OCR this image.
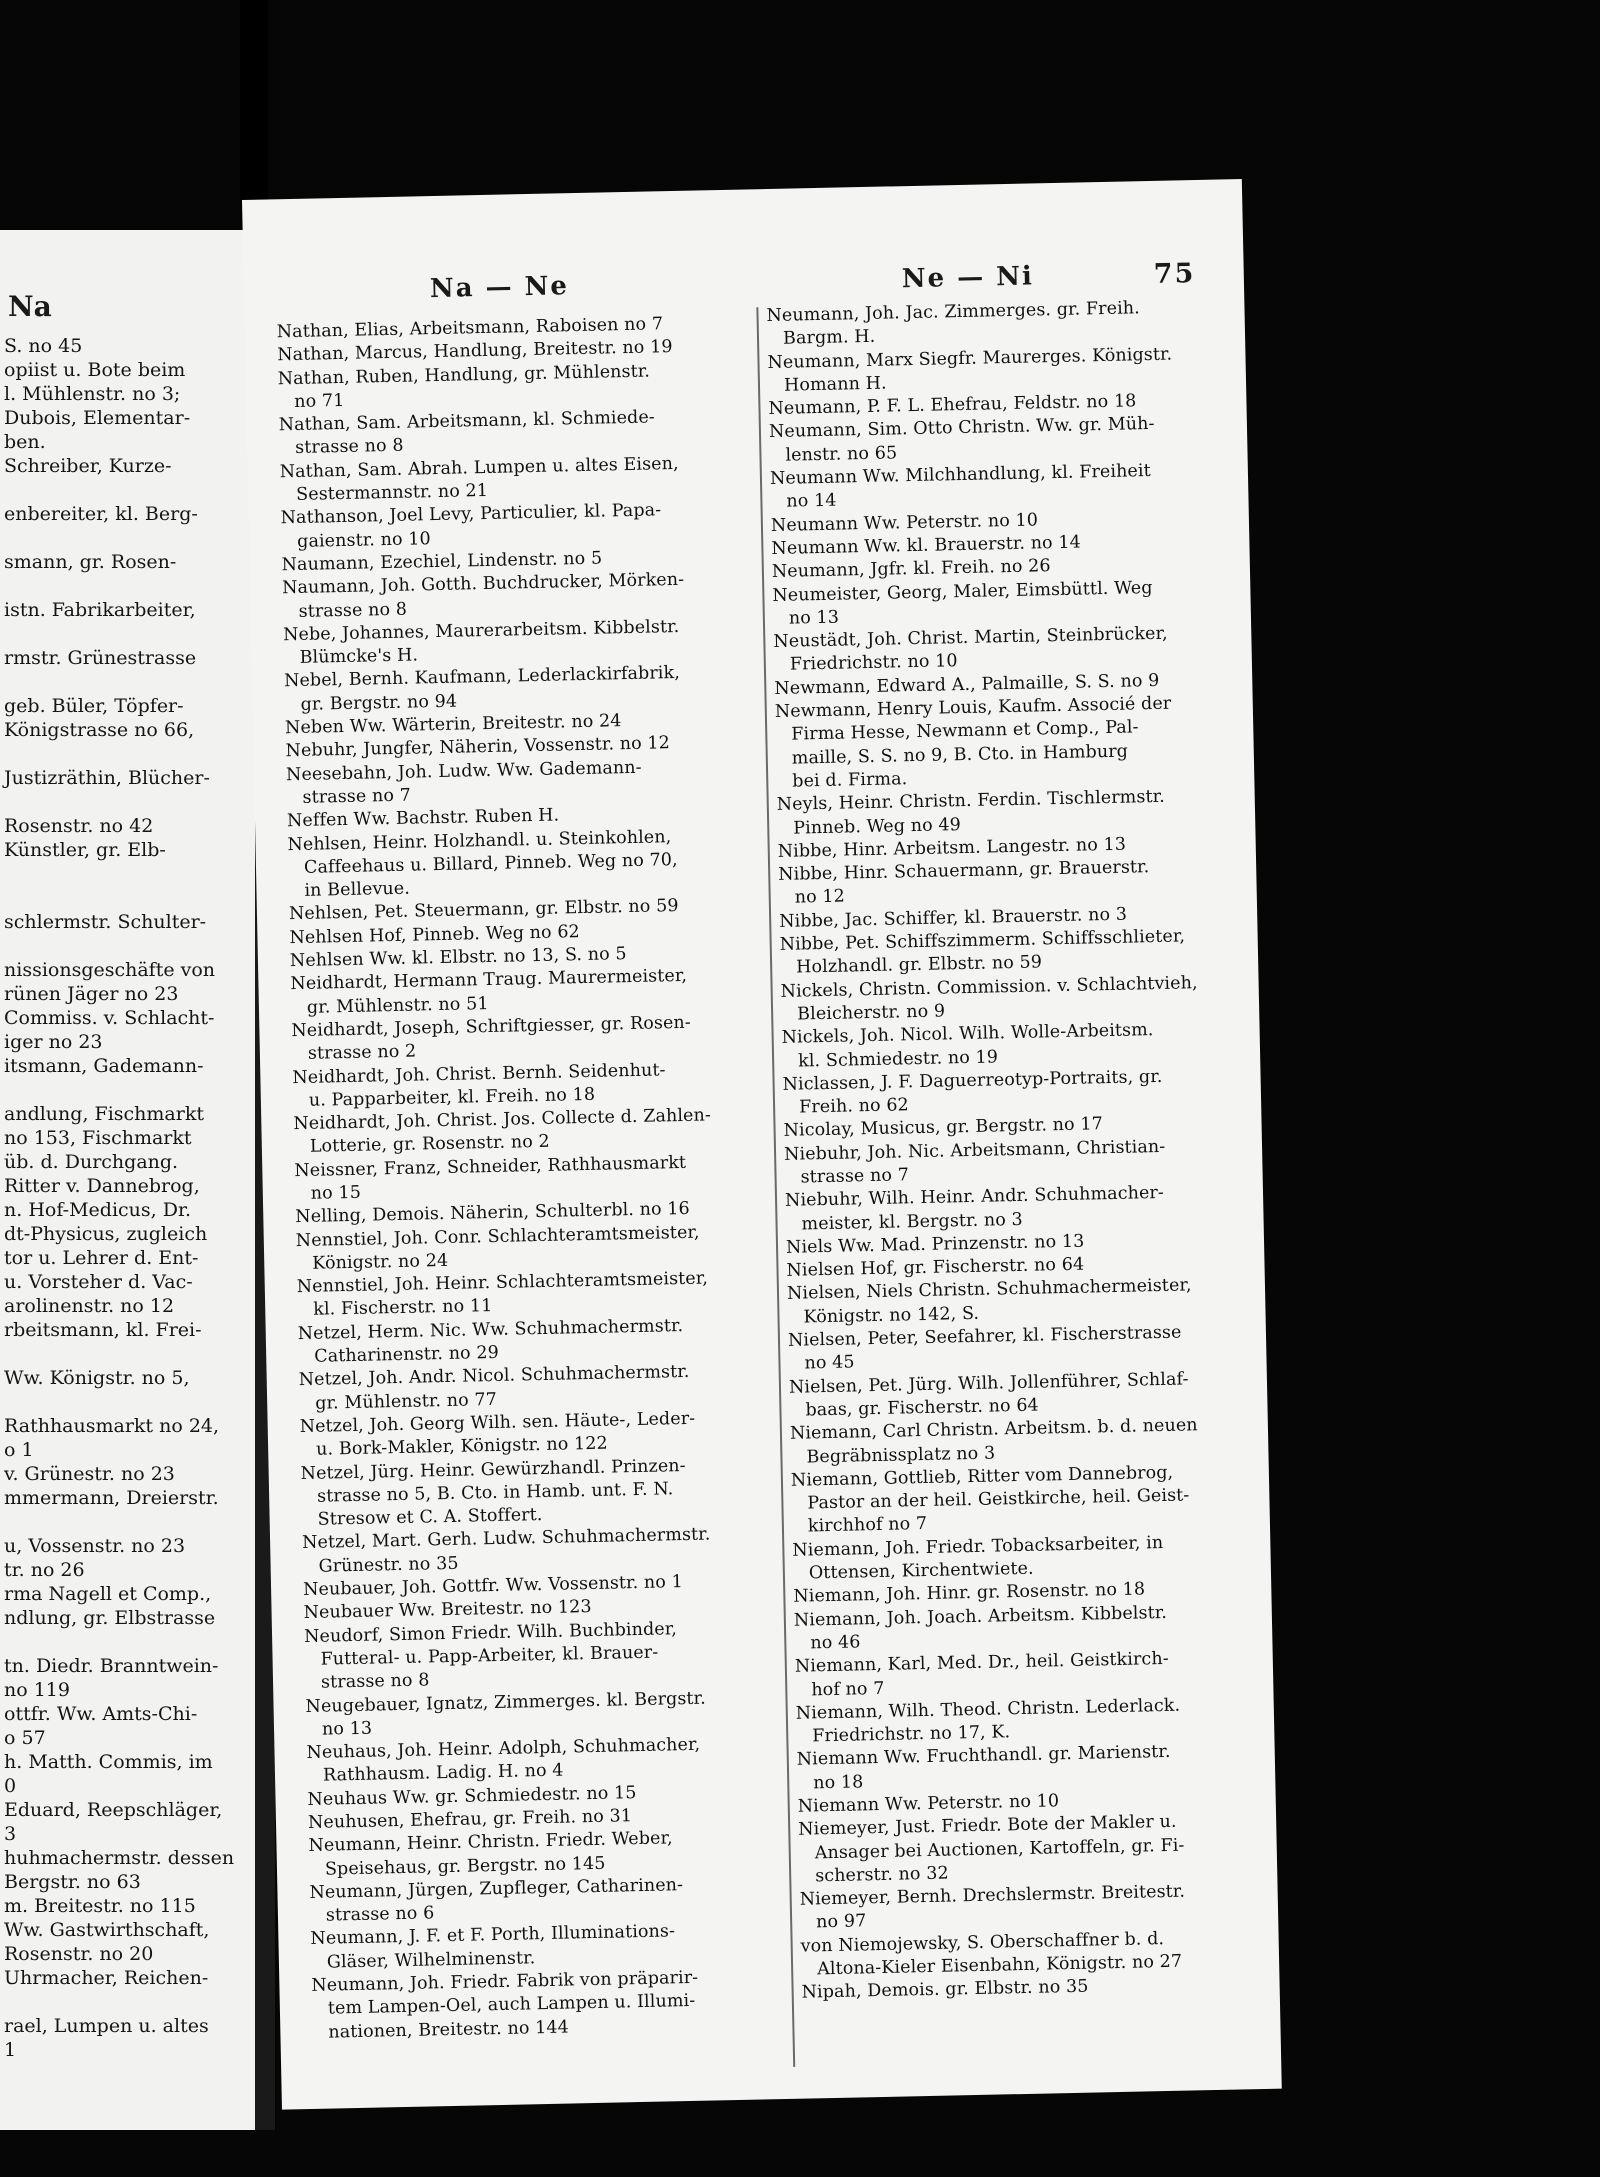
Na
S. no 45
opiist u. Bote beim
l. Mühlenstr. no 3;
Dubois, Elementar-
ben.
Schreiber, Kurze-
enbereiter, kl. Berg-
smann, gr. Rosen-
istn. Fabrikarbeiter,
rmstr. Grünestrasse
geb. Büler, Töpfer-
Königstrasse no 66,
Justizräthin, Blücher-
Rosenstr. no 42
Künstler, gr. Elb-
schlermstr. Schulter-
nissionsgeschäfte von
rünen Jäger no 23
Commiss. v. Schlacht-
iger no 23
itsmann, Gademann-
andlung, Fischmarkt
no 153, Fischmarkt
üb. d. Durchgang.
Ritter v. Dannebrog,
n. Hof-Medicus, Dr.
dt-Physicus, zugleich
tor u. Lehrer d. Ent-
u. Vorsteher d. Vac-
arolinenstr. no 12
rbeitsmann, kl. Frei-
Ww. Königstr. no 5,
Rathhausmarkt no 24,
o 1
v. Grünestr. no 23
mmermann, Dreierstr.
u, Vossenstr. no 23
tr. no 26
rma Nagell et Comp.,
ndlung, gr. Elbstrasse
tn. Diedr. Branntwein-
no 119
ottfr. Ww. Amts-Chi-
o 57
h. Matth. Commis, im
0
Eduard, Reepschläger,
3
huhmachermstr. dessen
Bergstr. no 63
m. Breitestr. no 115
Ww. Gastwirthschaft,
Rosenstr. no 20
Uhrmacher, Reichen-
rael, Lumpen u. altes
1
Na — Ne	Ne — Ni	75
Nathan, Elias, Arbeitsmann, Raboisen no 7
Nathan, Marcus, Handlung, Breitestr. no 19
Nathan, Ruben, Handlung, gr. Mühlenstr.
no 71
Nathan, Sam. Arbeitsmann, kl. Schmiede-
strasse no 8
Nathan, Sam. Abrah. Lumpen u. altes Eisen,
Sestermannstr. no 21
Nathanson, Joel Levy, Particulier, kl. Papa-
gaienstr. no 10
Naumann, Ezechiel, Lindenstr. no 5
Naumann, Joh. Gotth. Buchdrucker, Mörken-
strasse no 8
Nebe, Johannes, Maurerarbeitsm. Kibbelstr.
Blümcke's H.
Nebel, Bernh. Kaufmann, Lederlackirfabrik,
gr. Bergstr. no 94
Neben Ww. Wärterin, Breitestr. no 24
Nebuhr, Jungfer, Näherin, Vossenstr. no 12
Neesebahn, Joh. Ludw. Ww. Gademann-
strasse no 7
Neffen Ww. Bachstr. Ruben H.
Nehlsen, Heinr. Holzhandl. u. Steinkohlen,
Caffeehaus u. Billard, Pinneb. Weg no 70,
in Bellevue.
Nehlsen, Pet. Steuermann, gr. Elbstr. no 59
Nehlsen Hof, Pinneb. Weg no 62
Nehlsen Ww. kl. Elbstr. no 13, S. no 5
Neidhardt, Hermann Traug. Maurermeister,
gr. Mühlenstr. no 51
Neidhardt, Joseph, Schriftgiesser, gr. Rosen-
strasse no 2
Neidhardt, Joh. Christ. Bernh. Seidenhut-
u. Papparbeiter, kl. Freih. no 18
Neidhardt, Joh. Christ. Jos. Collecte d. Zahlen-
Lotterie, gr. Rosenstr. no 2
Neissner, Franz, Schneider, Rathhausmarkt
no 15
Nelling, Demois. Näherin, Schulterbl. no 16
Nennstiel, Joh. Conr. Schlachteramtsmeister,
Königstr. no 24
Nennstiel, Joh. Heinr. Schlachteramtsmeister,
kl. Fischerstr. no 11
Netzel, Herm. Nic. Ww. Schuhmachermstr.
Catharinenstr. no 29
Netzel, Joh. Andr. Nicol. Schuhmachermstr.
gr. Mühlenstr. no 77
Netzel, Joh. Georg Wilh. sen. Häute-, Leder-
u. Bork-Makler, Königstr. no 122
Netzel, Jürg. Heinr. Gewürzhandl. Prinzen-
strasse no 5, B. Cto. in Hamb. unt. F. N.
Stresow et C. A. Stoffert.
Netzel, Mart. Gerh. Ludw. Schuhmachermstr.
Grünestr. no 35
Neubauer, Joh. Gottfr. Ww. Vossenstr. no 1
Neubauer Ww. Breitestr. no 123
Neudorf, Simon Friedr. Wilh. Buchbinder,
Futteral- u. Papp-Arbeiter, kl. Brauer-
strasse no 8
Neugebauer, Ignatz, Zimmerges. kl. Bergstr.
no 13
Neuhaus, Joh. Heinr. Adolph, Schuhmacher,
Rathhausm. Ladig. H. no 4
Neuhaus Ww. gr. Schmiedestr. no 15
Neuhusen, Ehefrau, gr. Freih. no 31
Neumann, Heinr. Christn. Friedr. Weber,
Speisehaus, gr. Bergstr. no 145
Neumann, Jürgen, Zupfleger, Catharinen-
strasse no 6
Neumann, J. F. et F. Porth, Illuminations-
Gläser, Wilhelminenstr.
Neumann, Joh. Friedr. Fabrik von präparir-
tem Lampen-Oel, auch Lampen u. Illumi-
nationen, Breitestr. no 144
Neumann, Joh. Jac. Zimmerges. gr. Freih.
Bargm. H.
Neumann, Marx Siegfr. Maurerges. Königstr.
Homann H.
Neumann, P. F. L. Ehefrau, Feldstr. no 18
Neumann, Sim. Otto Christn. Ww. gr. Müh-
lenstr. no 65
Neumann Ww. Milchhandlung, kl. Freiheit
no 14
Neumann Ww. Peterstr. no 10
Neumann Ww. kl. Brauerstr. no 14
Neumann, Jgfr. kl. Freih. no 26
Neumeister, Georg, Maler, Eimsbüttl. Weg
no 13
Neustädt, Joh. Christ. Martin, Steinbrücker,
Friedrichstr. no 10
Newmann, Edward A., Palmaille, S. S. no 9
Newmann, Henry Louis, Kaufm. Associé der
Firma Hesse, Newmann et Comp., Pal-
maille, S. S. no 9, B. Cto. in Hamburg
bei d. Firma.
Neyls, Heinr. Christn. Ferdin. Tischlermstr.
Pinneb. Weg no 49
Nibbe, Hinr. Arbeitsm. Langestr. no 13
Nibbe, Hinr. Schauermann, gr. Brauerstr.
no 12
Nibbe, Jac. Schiffer, kl. Brauerstr. no 3
Nibbe, Pet. Schiffszimmerm. Schiffsschlieter,
Holzhandl. gr. Elbstr. no 59
Nickels, Christn. Commission. v. Schlachtvieh,
Bleicherstr. no 9
Nickels, Joh. Nicol. Wilh. Wolle-Arbeitsm.
kl. Schmiedestr. no 19
Niclassen, J. F. Daguerreotyp-Portraits, gr.
Freih. no 62
Nicolay, Musicus, gr. Bergstr. no 17
Niebuhr, Joh. Nic. Arbeitsmann, Christian-
strasse no 7
Niebuhr, Wilh. Heinr. Andr. Schuhmacher-
meister, kl. Bergstr. no 3
Niels Ww. Mad. Prinzenstr. no 13
Nielsen Hof, gr. Fischerstr. no 64
Nielsen, Niels Christn. Schuhmachermeister,
Königstr. no 142, S.
Nielsen, Peter, Seefahrer, kl. Fischerstrasse
no 45
Nielsen, Pet. Jürg. Wilh. Jollenführer, Schlaf-
baas, gr. Fischerstr. no 64
Niemann, Carl Christn. Arbeitsm. b. d. neuen
Begräbnissplatz no 3
Niemann, Gottlieb, Ritter vom Dannebrog,
Pastor an der heil. Geistkirche, heil. Geist-
kirchhof no 7
Niemann, Joh. Friedr. Tobacksarbeiter, in
Ottensen, Kirchentwiete.
Niemann, Joh. Hinr. gr. Rosenstr. no 18
Niemann, Joh. Joach. Arbeitsm. Kibbelstr.
no 46
Niemann, Karl, Med. Dr., heil. Geistkirch-
hof no 7
Niemann, Wilh. Theod. Christn. Lederlack.
Friedrichstr. no 17, K.
Niemann Ww. Fruchthandl. gr. Marienstr.
no 18
Niemann Ww. Peterstr. no 10
Niemeyer, Just. Friedr. Bote der Makler u.
Ansager bei Auctionen, Kartoffeln, gr. Fi-
scherstr. no 32
Niemeyer, Bernh. Drechslermstr. Breitestr.
no 97
von Niemojewsky, S. Oberschaffner b. d.
Altona-Kieler Eisenbahn, Königstr. no 27
Nipah, Demois. gr. Elbstr. no 35
